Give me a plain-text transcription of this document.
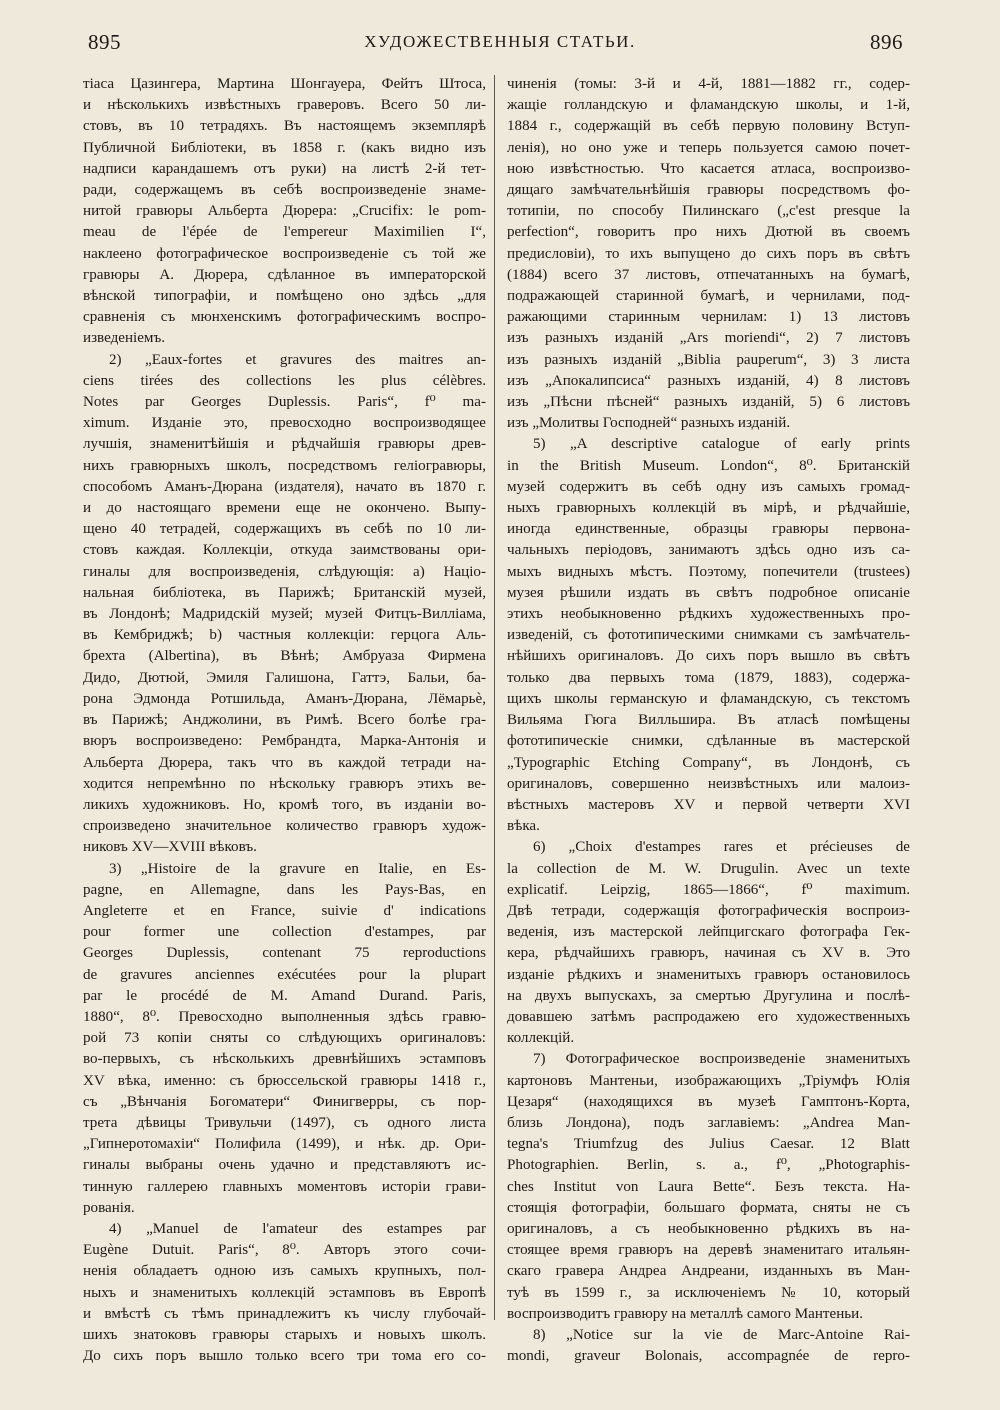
895	ХУДОЖЕСТВЕННЫЯ СТАТЬИ.	896
тіаса Цазингера, Мартина Шонгауера, Фейтъ Штоса,
и нѣсколькихъ извѣстныхъ граверовъ. Всего 50 ли-
стовъ, въ 10 тетрадяхъ. Въ настоящемъ экземплярѣ
Публичной Библіотеки, въ 1858 г. (какъ видно изъ
надписи карандашемъ отъ руки) на листѣ 2-й тет-
ради, содержащемъ въ себѣ воспроизведеніе знаме-
нитой гравюры Альберта Дюрера: „Crucifix: le pom-
meau de l'épée de l'empereur Maximilien I“,
наклеено фотографическое воспроизведеніе съ той же
гравюры А. Дюрера, сдѣланное въ императорской
вѣнской типографіи, и помѣщено оно здѣсь „для
сравненія съ мюнхенскимъ фотографическимъ воспро-
изведеніемъ.
2) „Eaux-fortes et gravures des maitres an-
ciens tirées des collections les plus célèbres.
Notes par Georges Duplessis. Paris“, f⁰ ma-
ximum. Изданіе это, превосходно воспроизводящее
лучшія, знаменитѣйшія и рѣдчайшія гравюры древ-
нихъ гравюрныхъ школъ, посредствомъ геліогравюры,
способомъ Аманъ-Дюрана (издателя), начато въ 1870 г.
и до настоящаго времени еще не окончено. Выпу-
щено 40 тетрадей, содержащихъ въ себѣ по 10 ли-
стовъ каждая. Коллекціи, откуда заимствованы ори-
гиналы для воспроизведенія, слѣдующія: а) Націо-
нальная библіотека, въ Парижѣ; Британскій музей,
въ Лондонѣ; Мадридскій музей; музей Фитцъ-Вилліама,
въ Кембриджѣ; b) частныя коллекціи: герцога Аль-
брехта (Albertina), въ Вѣнѣ; Амбруаза Фирмена
Дидо, Дютюй, Эмиля Галишона, Гаттэ, Бальи, ба-
рона Эдмонда Ротшильда, Аманъ-Дюрана, Лёмарьѐ,
въ Парижѣ; Анджолини, въ Римѣ. Всего болѣе гра-
вюръ воспроизведено: Рембрандта, Марка-Антонія и
Альберта Дюрера, такъ что въ каждой тетради на-
ходится непремѣнно по нѣскольку гравюръ этихъ ве-
ликихъ художниковъ. Но, кромѣ того, въ изданіи во-
спроизведено значительное количество гравюръ худож-
никовъ XV—XVIII вѣковъ.
3) „Histoire de la gravure en Italie, en Es-
pagne, en Allemagne, dans les Pays-Bas, en
Angleterre et en France, suivie d' indications
pour former une collection d'estampes, par
Georges Duplessis, contenant 75 reproductions
de gravures anciennes exécutées pour la plupart
par le procédé de M. Amand Durand. Paris,
1880“, 8⁰. Превосходно выполненныя здѣсь гравю-
рой 73 копіи сняты со слѣдующихъ оригиналовъ:
во-первыхъ, съ нѣсколькихъ древнѣйшихъ эстамповъ
XV вѣка, именно: съ брюссельской гравюры 1418 г.,
съ „Вѣнчанія Богоматери“ Финигверры, съ пор-
трета дѣвицы Тривульчи (1497), съ одного листа
„Гипнеротомахіи“ Полифила (1499), и нѣк. др. Ори-
гиналы выбраны очень удачно и представляютъ ис-
тинную галлерею главныхъ моментовъ исторіи грави-
рованія.
4) „Manuel de l'amateur des estampes par
Eugène Dutuit. Paris“, 8⁰. Авторъ этого сочи-
ненія обладаетъ одною изъ самыхъ крупныхъ, пол-
ныхъ и знаменитыхъ коллекцій эстамповъ въ Европѣ
и вмѣстѣ съ тѣмъ принадлежитъ къ числу глубочай-
шихъ знатоковъ гравюры старыхъ и новыхъ школъ.
До сихъ поръ вышло только всего три тома его со-
чиненія (томы: 3-й и 4-й, 1881—1882 гг., содер-
жащіе голландскую и фламандскую школы, и 1-й,
1884 г., содержащій въ себѣ первую половину Вступ-
ленія), но оно уже и теперь пользуется самою почет-
ною извѣстностью. Что касается атласа, воспроизво-
дящаго замѣчательнѣйшія гравюры посредствомъ фо-
тотипіи, по способу Пилинскаго („c'est presque la
perfection“, говоритъ про нихъ Дютюй въ своемъ
предисловіи), то ихъ выпущено до сихъ поръ въ свѣтъ
(1884) всего 37 листовъ, отпечатанныхъ на бумагѣ,
подражающей старинной бумагѣ, и чернилами, под-
ражающими старинным чернилам: 1) 13 листовъ
изъ разныхъ изданій „Ars moriendi“, 2) 7 листовъ
изъ разныхъ изданій „Biblia pauperum“, 3) 3 листа
изъ „Апокалипсиса“ разныхъ изданій, 4) 8 листовъ
изъ „Пѣсни пѣсней“ разныхъ изданій, 5) 6 листовъ
изъ „Молитвы Господней“ разныхъ изданій.
5) „A descriptive catalogue of early prints
in the British Museum. London“, 8⁰. Британскій
музей содержитъ въ себѣ одну изъ самыхъ громад-
ныхъ гравюрныхъ коллекцій въ мірѣ, и рѣдчайшіе,
иногда единственные, образцы гравюры первона-
чальныхъ періодовъ, занимаютъ здѣсь одно изъ са-
мыхъ видныхъ мѣстъ. Поэтому, попечители (trustees)
музея рѣшили издать въ свѣтъ подробное описаніе
этихъ необыкновенно рѣдкихъ художественныхъ про-
изведеній, съ фототипическими снимками съ замѣчатель-
нѣйшихъ оригиналовъ. До сихъ поръ вышло въ свѣтъ
только два первыхъ тома (1879, 1883), содержа-
щихъ школы германскую и фламандскую, съ текстомъ
Вильяма Гюга Вилльшира. Въ атласѣ помѣщены
фототипическіе снимки, сдѣланные въ мастерской
„Typographic Etching Company“, въ Лондонѣ, съ
оригиналовъ, совершенно неизвѣстныхъ или малоиз-
вѣстныхъ мастеровъ XV и первой четверти XVI
вѣка.
6) „Choix d'estampes rares et précieuses de
la collection de M. W. Drugulin. Avec un texte
explicatif. Leipzig, 1865—1866“, f⁰ maximum.
Двѣ тетради, содержащія фотографическія воспроиз-
веденія, изъ мастерской лейпцигскаго фотографа Гек-
кера, рѣдчайшихъ гравюръ, начиная съ XV в. Это
изданіе рѣдкихъ и знаменитыхъ гравюръ остановилось
на двухъ выпускахъ, за смертью Другулина и послѣ-
довавшею затѣмъ распродажею его художественныхъ
коллекцій.
7) Фотографическое воспроизведеніе знаменитыхъ
картоновъ Мантеньи, изображающихъ „Тріумфъ Юлія
Цезаря“ (находящихся въ музеѣ Гамптонъ-Корта,
близь Лондона), подъ заглавіемъ: „Andrea Man-
tegna's Triumfzug des Julius Caesar. 12 Blatt
Photographien. Berlin, s. a., f⁰, „Photographis-
ches Institut von Laura Bette“. Безъ текста. На-
стоящія фотографіи, большаго формата, сняты не съ
оригиналовъ, а съ необыкновенно рѣдкихъ въ на-
стоящее время гравюръ на деревѣ знаменитаго итальян-
скаго гравера Андреа Андреани, изданныхъ въ Ман-
туѣ въ 1599 г., за исключеніемъ № 10, который
воспроизводитъ гравюру на металлѣ самого Мантеньи.
8) „Notice sur la vie de Marc-Antoine Rai-
mondi, graveur Bolonais, accompagnée de repro-
